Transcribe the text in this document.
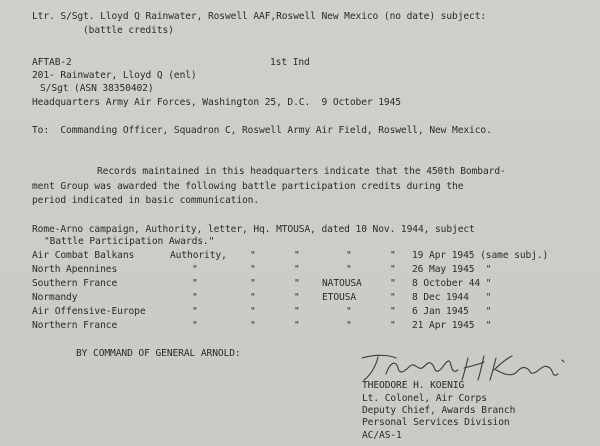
Ltr. S/Sgt. Lloyd Q Rainwater, Roswell AAF,Roswell New Mexico (no date) subject:
(battle credits)
AFTAB-2	1st Ind
201- Rainwater, Lloyd Q (enl)
S/Sgt (ASN 38350402)
Headquarters Army Air Forces, Washington 25, D.C.  9 October 1945
To:  Commanding Officer, Squadron C, Roswell Army Air Field, Roswell, New Mexico.
Records maintained in this headquarters indicate that the 450th Bombard-
ment Group was awarded the following battle participation credits during the
period indicated in basic communication.
Rome-Arno campaign, Authority, letter, Hq. MTOUSA, dated 10 Nov. 1944, subject
"Battle Participation Awards."
Air Combat Balkans	Authority, "	"	"	" 19 Apr 1945 (same subj.)
North Apennines	"	"	"	"	" 26 May 1945  "
Southern France	"	"	" NATOUSA	" 8 October 44 "
Normandy	"	"	" ETOUSA	" 8 Dec 1944   "
Air Offensive-Europe	"	"	"	"	" 6 Jan 1945   "
Northern France	"	"	"	"	" 21 Apr 1945  "
BY COMMAND OF GENERAL ARNOLD:
THEODORE H. KOENIG
Lt. Colonel, Air Corps
Deputy Chief, Awards Branch
Personal Services Division
AC/AS-1
